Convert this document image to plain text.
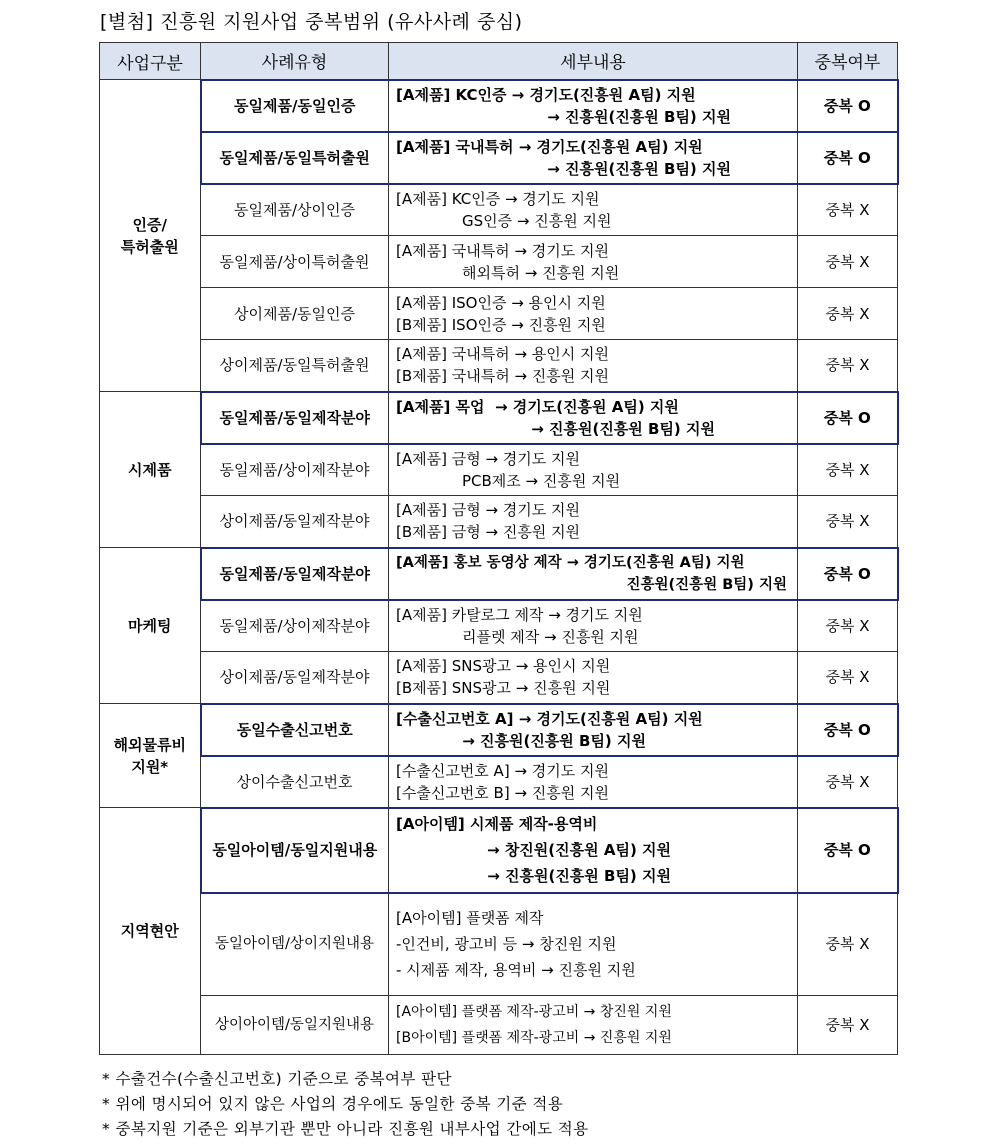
[별첨] 진흥원 지원사업 중복범위 (유사사례 중심)
사업구분	사례유형	세부내용	중복여부
인증/
특허출원	동일제품/동일인증	[A제품] KC인증 → 경기도(진흥원 A팀) 지원
→ 진흥원(진흥원 B팀) 지원	중복 O
	동일제품/동일특허출원	[A제품] 국내특허 → 경기도(진흥원 A팀) 지원
→ 진흥원(진흥원 B팀) 지원	중복 O
	동일제품/상이인증	[A제품] KC인증 → 경기도 지원
GS인증 → 진흥원 지원	중복 X
	동일제품/상이특허출원	[A제품] 국내특허 → 경기도 지원
해외특허 → 진흥원 지원	중복 X
	상이제품/동일인증	[A제품] ISO인증 → 용인시 지원
[B제품] ISO인증 → 진흥원 지원	중복 X
	상이제품/동일특허출원	[A제품] 국내특허 → 용인시 지원
[B제품] 국내특허 → 진흥원 지원	중복 X
시제품	동일제품/동일제작분야	[A제품] 목업  → 경기도(진흥원 A팀) 지원
→ 진흥원(진흥원 B팀) 지원	중복 O
	동일제품/상이제작분야	[A제품] 금형 → 경기도 지원
PCB제조 → 진흥원 지원	중복 X
	상이제품/동일제작분야	[A제품] 금형 → 경기도 지원
[B제품] 금형 → 진흥원 지원	중복 X
마케팅	동일제품/동일제작분야	[A제품] 홍보 동영상 제작 → 경기도(진흥원 A팀) 지원
진흥원(진흥원 B팀) 지원	중복 O
	동일제품/상이제작분야	[A제품] 카탈로그 제작 → 경기도 지원
리플렛 제작 → 진흥원 지원	중복 X
	상이제품/동일제작분야	[A제품] SNS광고 → 용인시 지원
[B제품] SNS광고 → 진흥원 지원	중복 X
해외물류비
지원*	동일수출신고번호	[수출신고번호 A] → 경기도(진흥원 A팀) 지원
→ 진흥원(진흥원 B팀) 지원	중복 O
	상이수출신고번호	[수출신고번호 A] → 경기도 지원
[수출신고번호 B] → 진흥원 지원	중복 X
지역현안	동일아이템/동일지원내용	[A아이템] 시제품 제작-용역비
→ 창진원(진흥원 A팀) 지원
→ 진흥원(진흥원 B팀) 지원	중복 O
	동일아이템/상이지원내용	[A아이템] 플랫폼 제작
-인건비, 광고비 등 → 창진원 지원
- 시제품 제작, 용역비 → 진흥원 지원	중복 X
	상이아이템/동일지원내용	[A아이템] 플랫폼 제작-광고비 → 창진원 지원
[B아이템] 플랫폼 제작-광고비 → 진흥원 지원	중복 X
* 수출건수(수출신고번호) 기준으로 중복여부 판단
* 위에 명시되어 있지 않은 사업의 경우에도 동일한 중복 기준 적용
* 중복지원 기준은 외부기관 뿐만 아니라 진흥원 내부사업 간에도 적용
